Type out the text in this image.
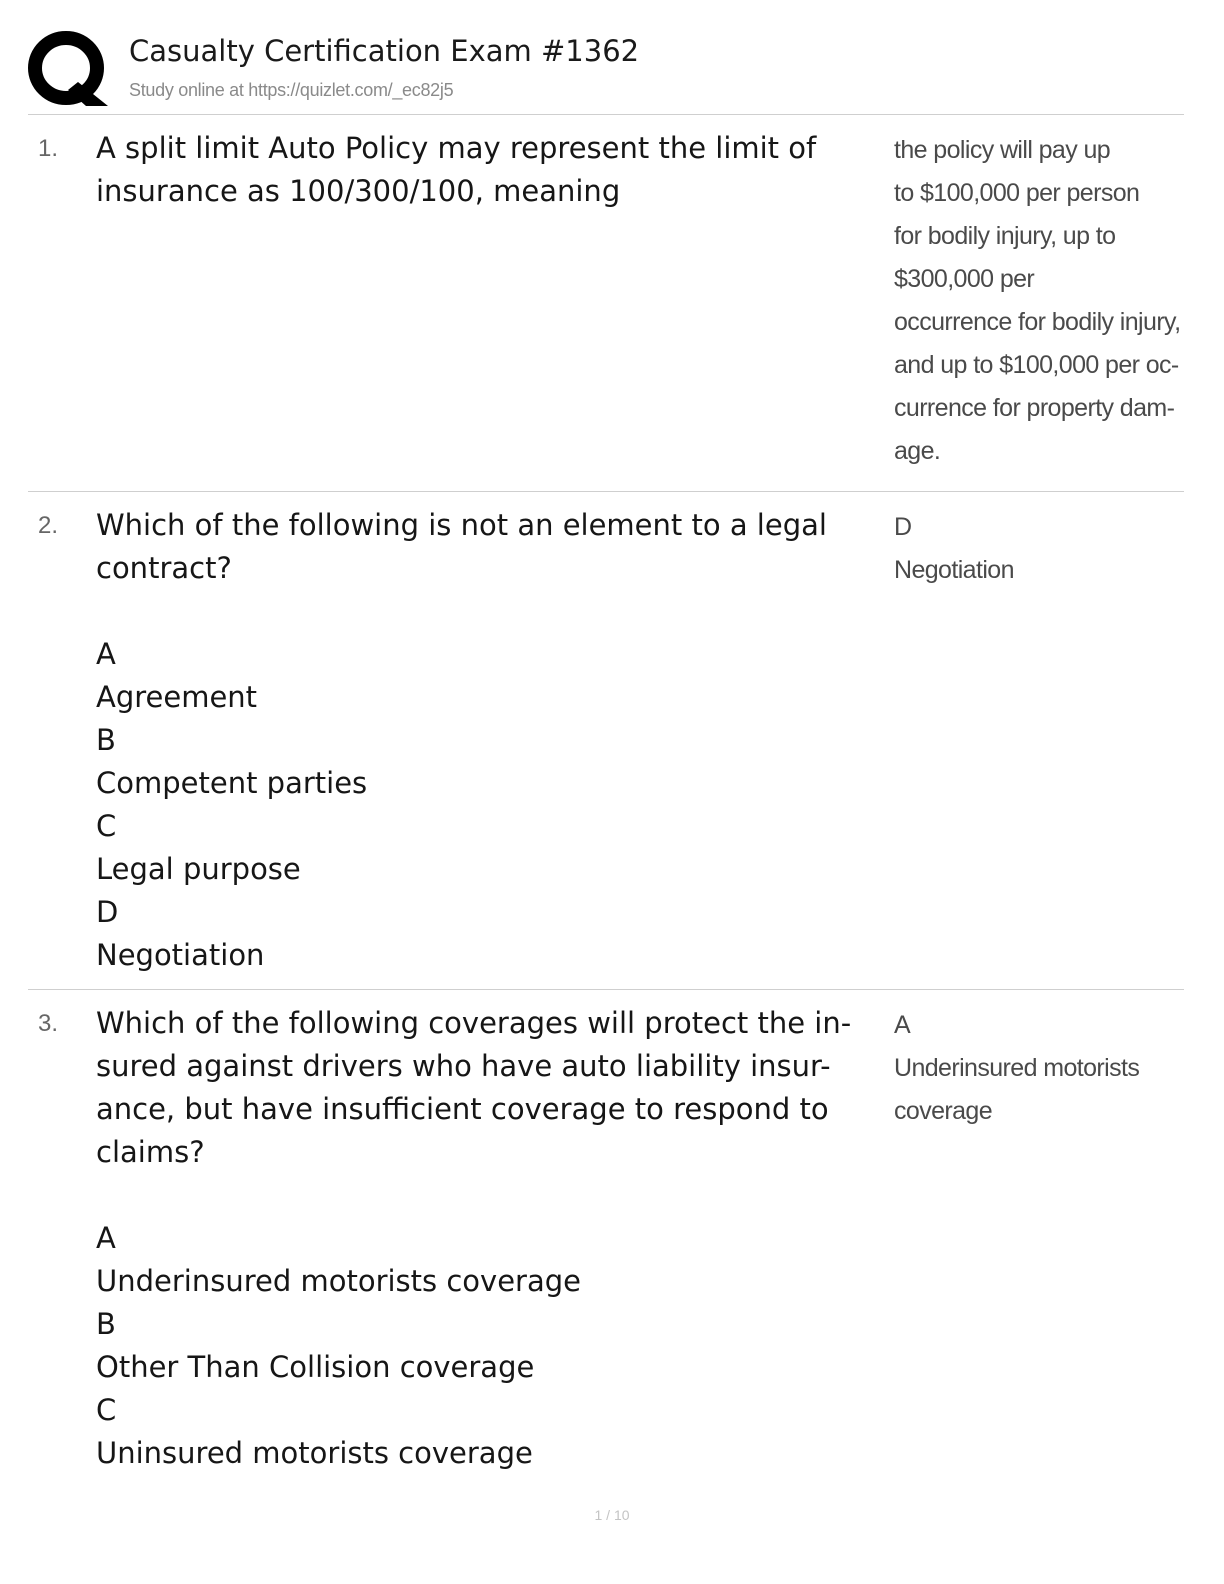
Casualty Certification Exam #1362
Study online at https://quizlet.com/_ec82j5
1. A split limit Auto Policy may represent the limit of
insurance as 100/300/100, meaning
the policy will pay up
to $100,000 per person
for bodily injury, up to
$300,000 per
occurrence for bodily injury,
and up to $100,000 per oc-
currence for property dam-
age.
2. Which of the following is not an element to a legal
contract?
A
Agreement
B
Competent parties
C
Legal purpose
D
Negotiation
D
Negotiation
3. Which of the following coverages will protect the in-
sured against drivers who have auto liability insur-
ance, but have insufficient coverage to respond to
claims?
A
Underinsured motorists coverage
B
Other Than Collision coverage
C
Uninsured motorists coverage
A
Underinsured motorists
coverage
1 / 10
